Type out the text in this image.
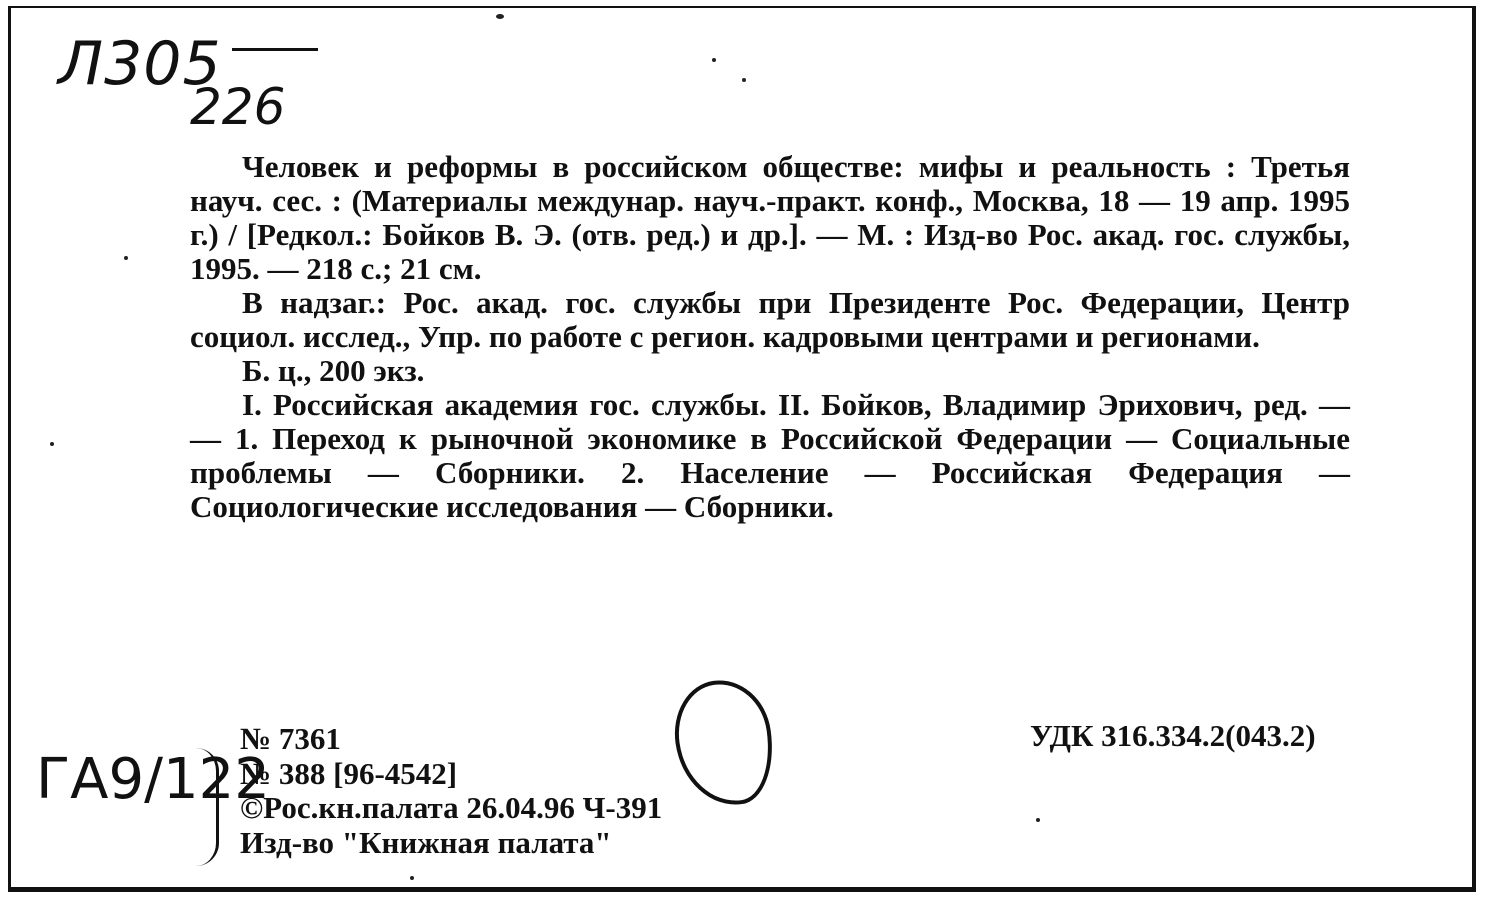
Л305
226

Человек и реформы в российском обществе: мифы и реальность : Третья науч. сес. : (Материалы междунар. науч.-практ. конф., Москва, 18 — 19 апр. 1995 г.) / [Редкол.: Бойков В. Э. (отв. ред.) и др.]. — М. : Изд-во Рос. акад. гос. службы, 1995. — 218 с.; 21 см.

В надзаг.: Рос. акад. гос. службы при Президенте Рос. Федерации, Центр социол. исслед., Упр. по работе с регион. кадровыми центрами и регионами.

Б. ц., 200 экз.

I. Российская академия гос. службы. II. Бойков, Владимир Эрихович, ред. — — 1. Переход к рыночной экономике в Российской Федерации — Социальные проблемы — Сборники. 2. Население — Российская Федерация — Социологические исследования — Сборники.

№ 7361
№ 388 [96-4542]
©Рос.кн.палата 26.04.96 Ч-391
Изд-во "Книжная палата"
УДК 316.334.2(043.2)
ГА9/122
